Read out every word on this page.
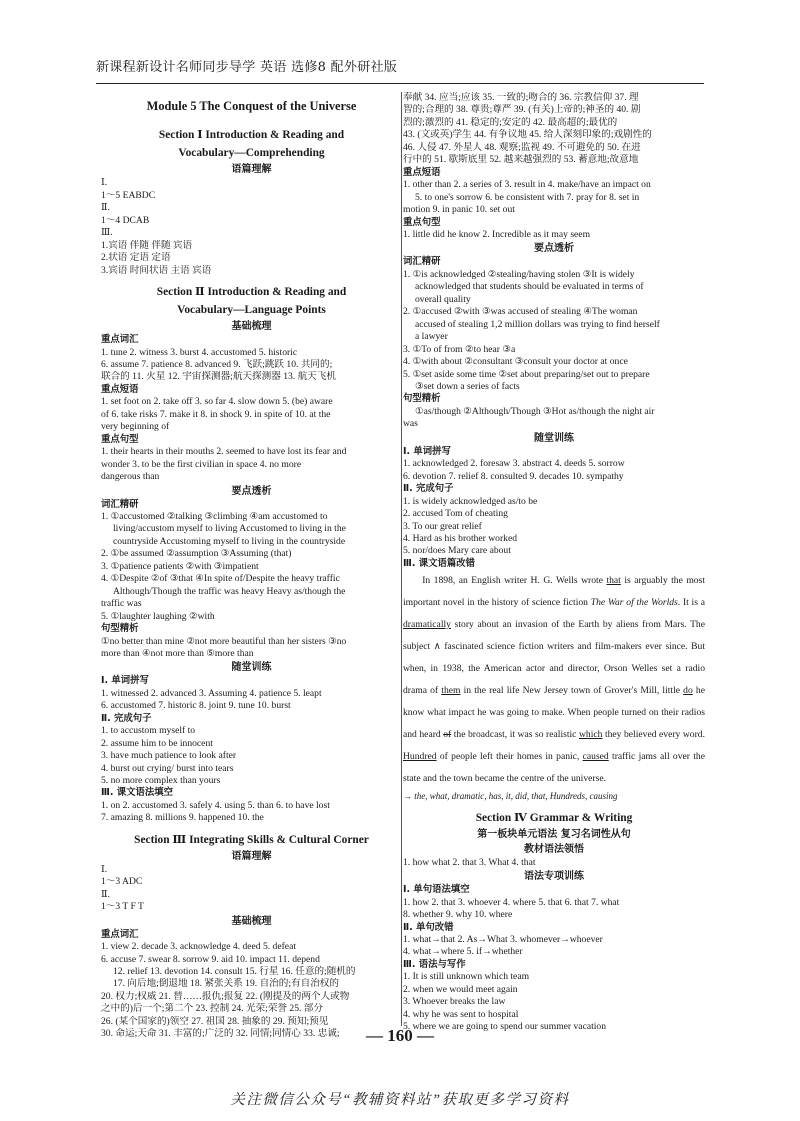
新课程新设计名师同步导学 英语 选修8 配外研社版
Module 5 The Conquest of the Universe
Section Ⅰ Introduction & Reading and
Vocabulary—Comprehending
语篇理解
Ⅰ.
1～5 EABDC
Ⅱ.
1～4 DCAB
Ⅲ.
1.宾语 伴随 伴随 宾语
2.状语 定语 定语
3.宾语 时间状语 主语 宾语
Section Ⅱ Introduction & Reading and
Vocabulary—Language Points
基础梳理
重点词汇
1. tune 2. witness 3. burst 4. accustomed 5. historic
6. assume 7. patience 8. advanced 9. 飞跃;跳跃 10. 共同的;
联合的 11. 火星 12. 宇宙探测器;航天探测器 13. 航天飞机
重点短语
1. set foot on 2. take off 3. so far 4. slow down 5. (be) aware
of 6. take risks 7. make it 8. in shock 9. in spite of 10. at the
very beginning of
重点句型
1. their hearts in their mouths 2. seemed to have lost its fear and
wonder 3. to be the first civilian in space 4. no more
dangerous than
要点透析
词汇精研
1. ①accustomed ②talking ③climbing ④am accustomed to
living/accustom myself to living Accustomed to living in the
countryside Accustoming myself to living in the countryside
2. ①be assumed ②assumption ③Assuming (that)
3. ①patience patients ②with ③impatient
4. ①Despite ②of ③that ④In spite of/Despite the heavy traffic
Although/Though the traffic was heavy Heavy as/though the
traffic was
5. ①laughter laughing ②with
句型精析
①no better than mine ②not more beautiful than her sisters ③no
more than ④not more than ⑤more than
随堂训练
Ⅰ. 单词拼写
1. witnessed 2. advanced 3. Assuming 4. patience 5. leapt
6. accustomed 7. historic 8. joint 9. tune 10. burst
Ⅱ. 完成句子
1. to accustom myself to
2. assume him to be innocent
3. have much patience to look after
4. burst out crying/ burst into tears
5. no more complex than yours
Ⅲ. 课文语法填空
1. on 2. accustomed 3. safely 4. using 5. than 6. to have lost
7. amazing 8. millions 9. happened 10. the
Section Ⅲ Integrating Skills & Cultural Corner
语篇理解
Ⅰ.
1～3 ADC
Ⅱ.
1～3 T F T
基础梳理
重点词汇
1. view 2. decade 3. acknowledge 4. deed 5. defeat
6. accuse 7. swear 8. sorrow 9. aid 10. impact 11. depend
12. relief 13. devotion 14. consult 15. 行星 16. 任意的;随机的
17. 向后地;倒退地 18. 紧张关系 19. 自治的;有自治权的
20. 权力;权威 21. 替……报仇;报复 22. (刚提及的两个人或物
之中的)后一个;第二个 23. 控制 24. 光荣;荣誉 25. 部分
26. (某个国家的)领空 27. 祖国 28. 抽象的 29. 预知;预见
30. 命运;天命 31. 丰富的;广泛的 32. 同情;同情心 33. 忠诚;
奉献 34. 应当;应该 35. 一致的;吻合的 36. 宗教信仰 37. 理
智的;合理的 38. 尊贵;尊严 39. (有关)上帝的;神圣的 40. 剧
烈的;激烈的 41. 稳定的;安定的 42. 最高超的;最优的
43. (文或英)学生 44. 有争议地 45. 给人深刻印象的;戏剧性的
46. 人侵 47. 外星人 48. 观察;监视 49. 不可避免的 50. 在进
行中的 51. 歇斯底里 52. 越来越强烈的 53. 蓄意地;故意地
重点短语
1. other than 2. a series of 3. result in 4. make/have an impact on
5. to one's sorrow 6. be consistent with 7. pray for 8. set in
motion 9. in panic 10. set out
重点句型
1. little did he know 2. Incredible as it may seem
要点透析
词汇精研
1. ①is acknowledged ②stealing/having stolen ③It is widely
acknowledged that students should be evaluated in terms of
overall quality
2. ①accused ②with ③was accused of stealing ④The woman
accused of stealing 1,2 million dollars was trying to find herself
a lawyer
3. ①To of from ②to hear ③a
4. ①with about ②consultant ③consult your doctor at once
5. ①set aside some time ②set about preparing/set out to prepare
③set down a series of facts
句型精析
①as/though ②Although/Though ③Hot as/though the night air
was
随堂训练
Ⅰ. 单词拼写
1. acknowledged 2. foresaw 3. abstract 4. deeds 5. sorrow
6. devotion 7. relief 8. consulted 9. decades 10. sympathy
Ⅱ. 完成句子
1. is widely acknowledged as/to be
2. accused Tom of cheating
3. To our great relief
4. Hard as his brother worked
5. nor/does Mary care about
Ⅲ. 课文语篇改错
  In 1898, an English writer H. G. Wells wrote that is arguably the most important novel in the history of science fiction The War of the Worlds. It is a dramatically story about an invasion of the Earth by aliens from Mars. The subject ∧ fascinated science fiction writers and film-makers ever since. But when, in 1938, the American actor and director, Orson Welles set a radio drama of them in the real life New Jersey town of Grover's Mill, little do he know what impact he was going to make. When people turned on their radios and heard of the broadcast, it was so realistic which they believed every word. Hundred of people left their homes in panic, caused traffic jams all over the state and the town became the centre of the universe.
→ the, what, dramatic, has, it, did, that, Hundreds, causing
Section Ⅳ Grammar & Writing
第一板块单元语法 复习名词性从句
教材语法领悟
1. how what 2. that 3. What 4. that
语法专项训练
Ⅰ. 单句语法填空
1. how 2. that 3. whoever 4. where 5. that 6. that 7. what
8. whether 9. why 10. where
Ⅱ. 单句改错
1. what→that 2. As→What 3. whomever→whoever
4. what→where 5. if→whether
Ⅲ. 语法与写作
1. It is still unknown which team
2. when we would meet again
3. Whoever breaks the law
4. why he was sent to hospital
5. where we are going to spend our summer vacation
— 160 —
关注微信公众号“教辅资料站”获取更多学习资料
